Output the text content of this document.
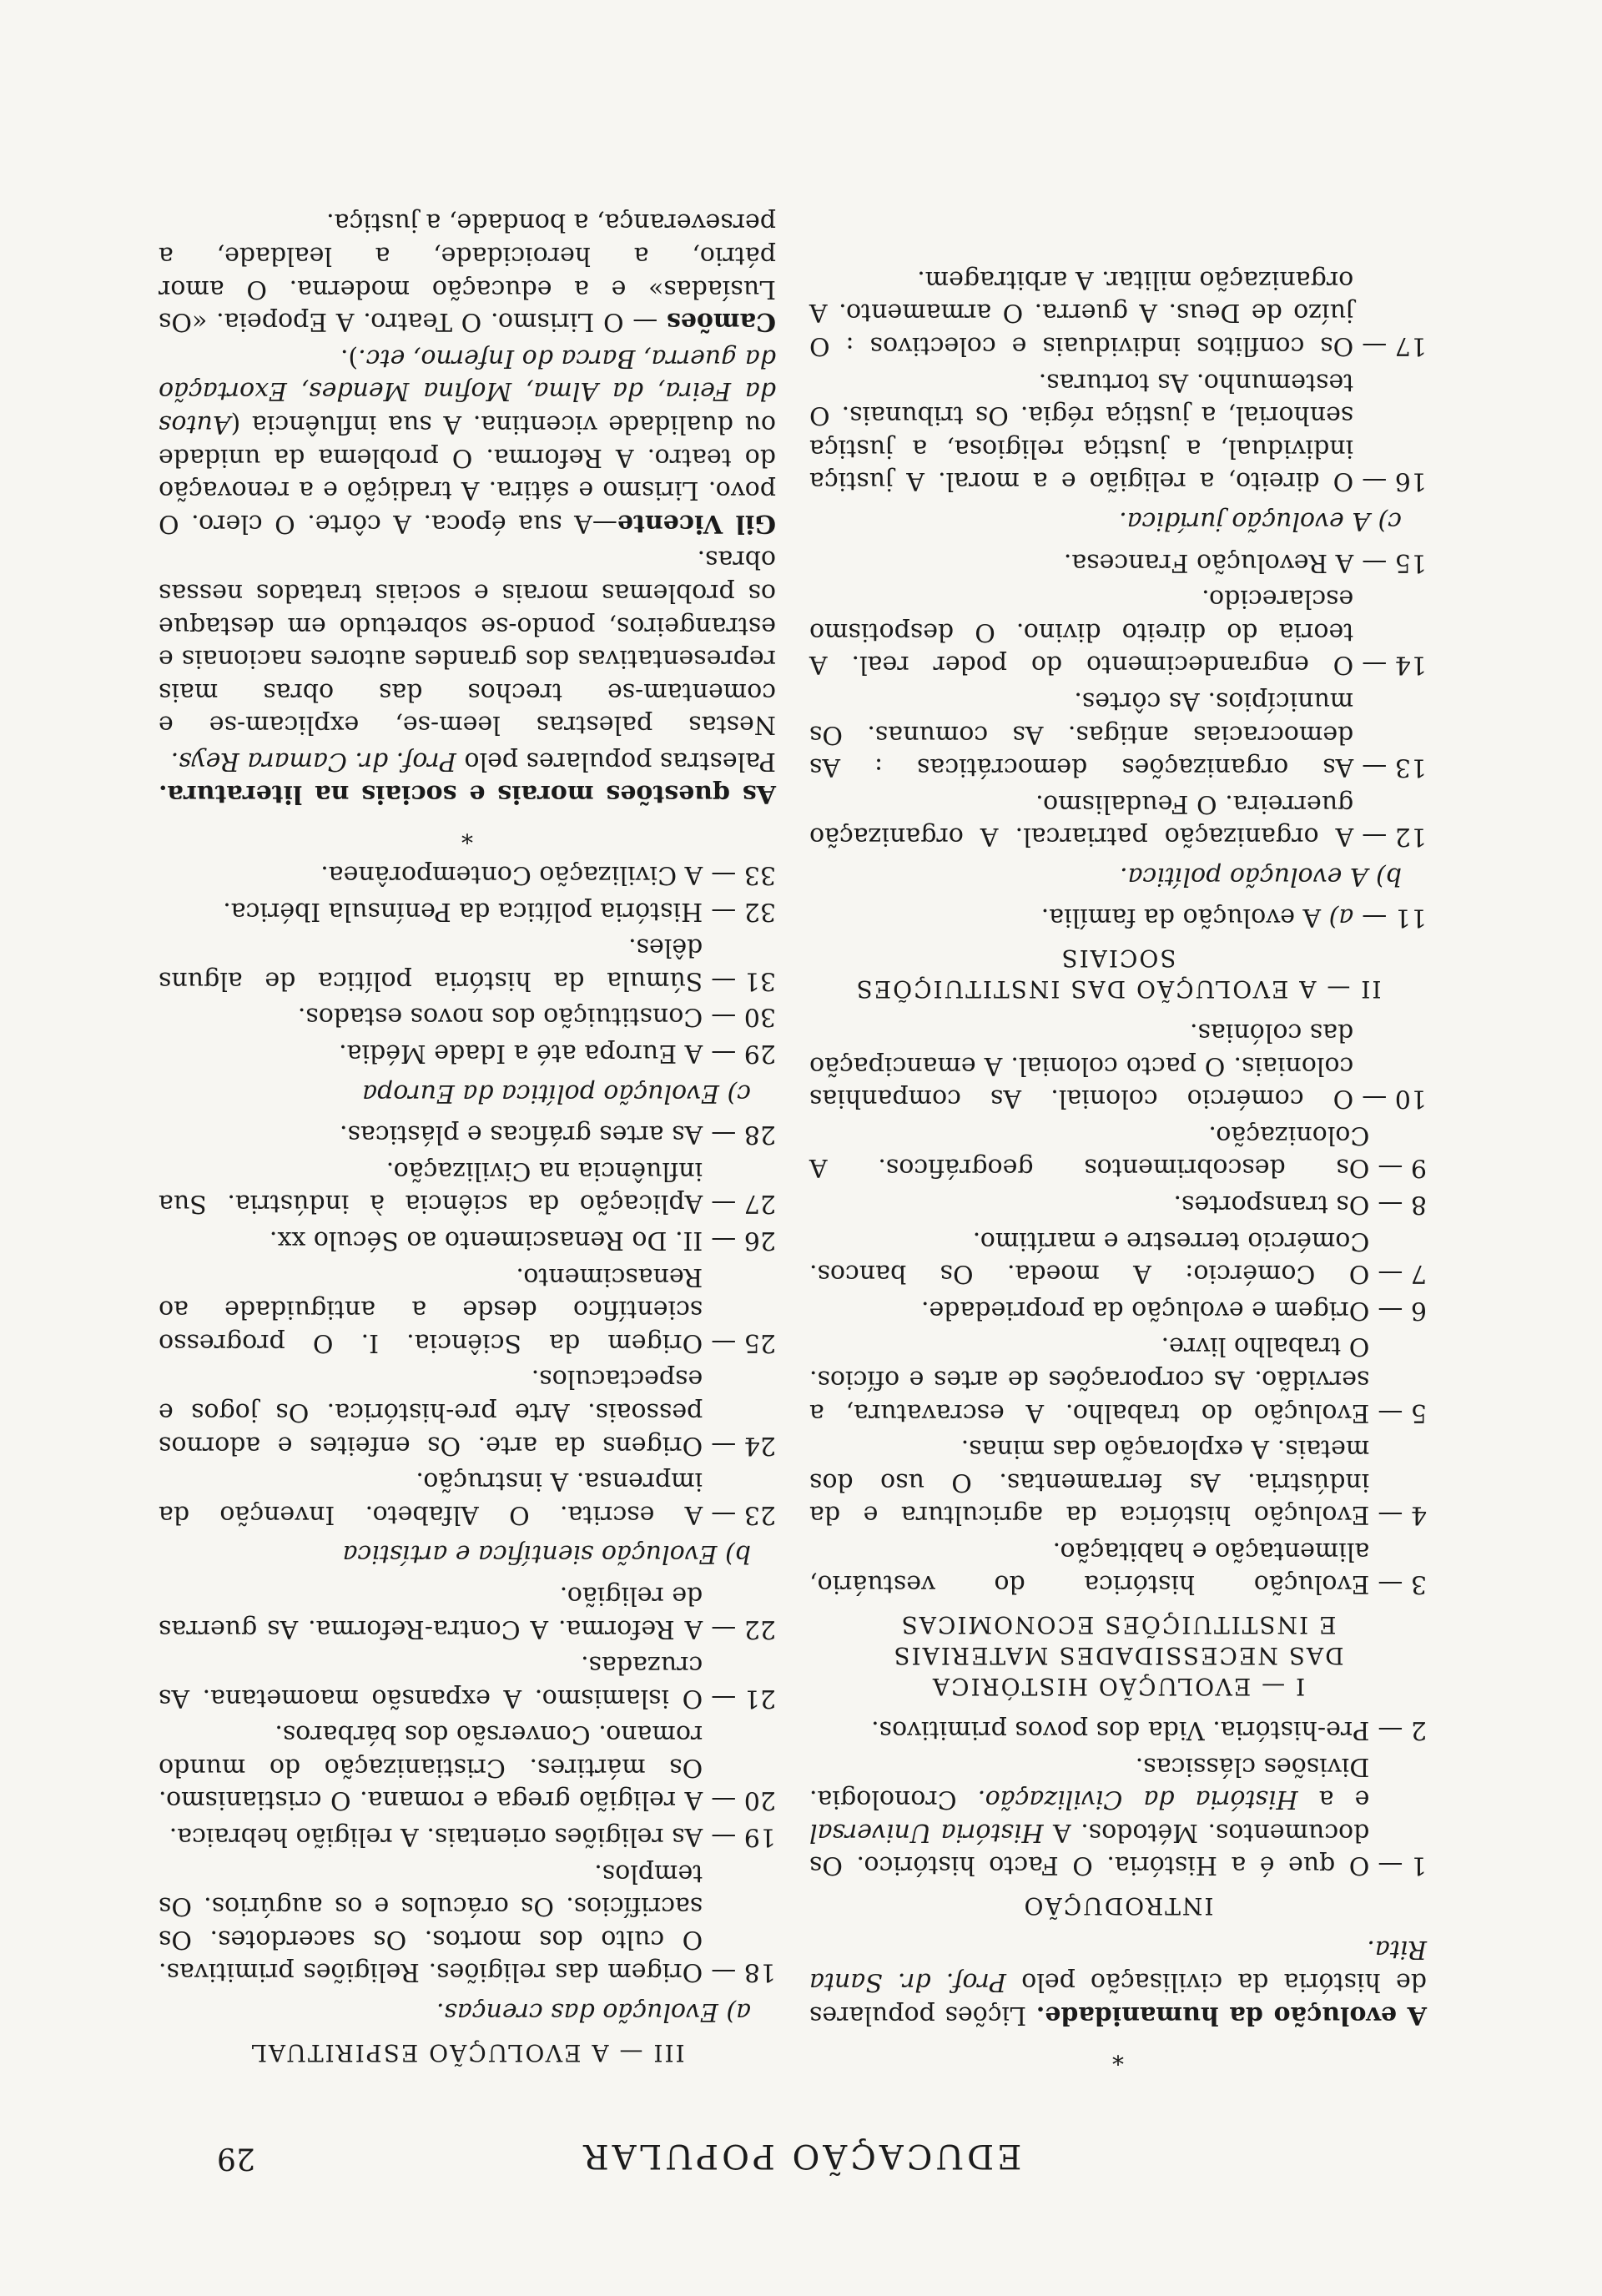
EDUCAÇÃO POPULAR
29
*

A evolução da humanidade. Lições populares de história da civilisação pelo Prof. dr. Santa Rita.

INTRODUÇÃO
1 —
O que é a História. O Facto histórico. Os documentos. Métodos. A História Universal e a História da Civilização. Cronologia. Divisões clássicas.
2 —
Pre-história. Vida dos povos primitivos.
I — EVOLUÇÃO HISTÓRICA
DAS NECESSIDADES MATERIAIS
E INSTITUIÇÕES ECONOMICAS
3 —
Evolução histórica do vestuário, alimentação e habitação.
4 —
Evolução histórica da agricultura e da indústria. As ferramentas. O uso dos metais. A exploração das minas.
5 —
Evolução do trabalho. A escravatura, a servidão. As corporações de artes e ofícios. O trabalho livre.
6 —
Origem e evolução da propriedade.
7 —
O Comércio: A moeda. Os bancos. Comércio terrestre e marítimo.
8 —
Os transportes.
9 —
Os descobrimentos geográficos. A Colonização.
10 —
O comércio colonial. As companhias coloniais. O pacto colonial. A emancipação das colónias.
II — A EVOLUÇÃO DAS INSTITUIÇÕES
SOCIAIS
11 —
a) A evolução da família.
b) A evolução política.
12 —
A organização patriarcal. A organização guerreira. O Feudalismo.
13 —
As organizações democráticas : As democracias antigas. As comunas. Os municípios. As côrtes.
14 —
O engrandecimento do poder real. A teoria do direito divino. O despotismo esclarecido.
15 —
A Revolução Francesa.
c) A evolução jurídica.
16 —
O direito, a religião e a moral. A justiça individual, a justiça religiosa, a justiça senhorial, a justiça régia. Os tribunais. O testemunho. As torturas.
17 —
Os conflitos individuais e colectivos : O juízo de Deus. A guerra. O armamento. A organização militar. A arbitragem.
III — A EVOLUÇÃO ESPIRITUAL
a) Evolução das crenças.
18 —
Origem das religiões. Religiões primitivas. O culto dos mortos. Os sacerdotes. Os sacrifícios. Os oráculos e os augúrios. Os templos.
19 —
As religiões orientais. A religião hebraica.
20 —
A religião grega e romana. O cristianismo. Os mártires. Cristianização do mundo romano. Conversão dos bárbaros.
21 —
O islamismo. A expansão maometana. As cruzadas.
22 —
A Reforma. A Contra-Reforma. As guerras de religião.
b) Evolução sientífica e artística
23 —
A escrita. O Alfabeto. Invenção da imprensa. A instrução.
24 —
Origens da arte. Os enfeites e adornos pessoais. Arte pre-histórica. Os jogos e espectaculos.
25 —
Origem da Sciência. I. O progresso scientífico desde a antiguidade ao Renascimento.
26 —
II. Do Renascimento ao Século xx.
27 —
Aplicação da sciência à indústria. Sua influência na Civilização.
28 —
As artes gráficas e plásticas.
c) Evolução política da Europa
29 —
A Europa até a Idade Média.
30 —
Constituição dos novos estados.
31 —
Súmula da história política de alguns dêles.
32 —
História política da Península Ibérica.
33 —
A Civilização Contemporânea.
*

As questões morais e sociais na literatura. Palestras populares pelo Prof. dr. Camara Reys.

Nestas palestras leem-se, explicam-se e comentam-se trechos das obras mais representativas dos grandes autores nacionais e estrangeiros, pondo-se sobretudo em destaque os problemas morais e sociais tratados nessas obras.

Gil Vicente—A sua época. A côrte. O clero. O povo. Lirismo e sátira. A tradição e a renovação do teatro. A Reforma. O problema da unidade ou dualidade vicentina. A sua influência (Autos da Feira, da Alma, Mofina Mendes, Exortação da guerra, Barca do Inferno, etc.).

Camões — O Lirismo. O Teatro. A Epopeia. «Os Lusíadas» e a educação moderna. O amor pátrio, a heroicidade, a lealdade, a perseverança, a bondade, a justiça.
